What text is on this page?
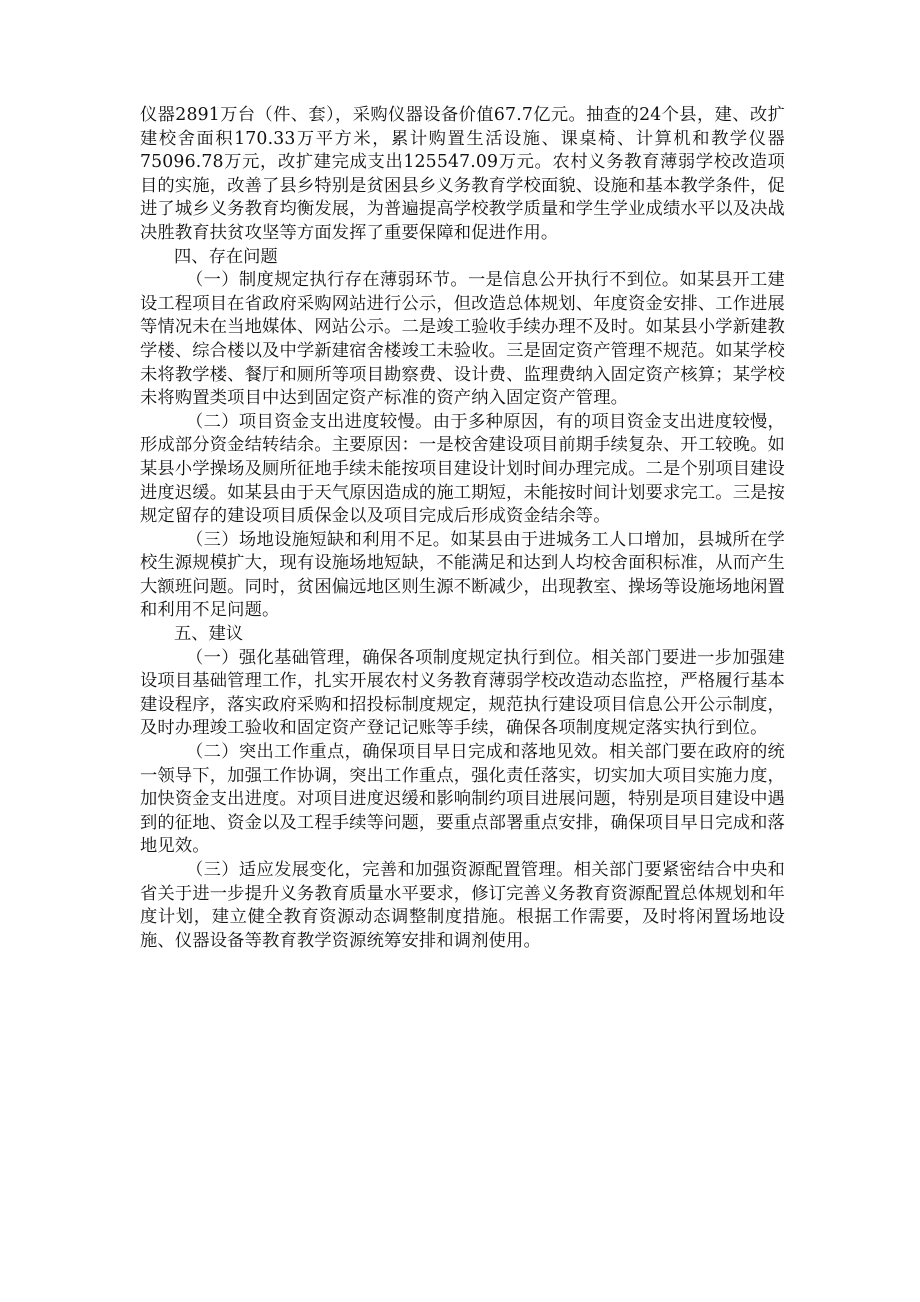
仪器2891万台（件、套），采购仪器设备价值67.7亿元。抽查的24个县，建、改扩建校舍面积170.33万平方米，累计购置生活设施、课桌椅、计算机和教学仪器75096.78万元，改扩建完成支出125547.09万元。农村义务教育薄弱学校改造项目的实施，改善了县乡特别是贫困县乡义务教育学校面貌、设施和基本教学条件，促进了城乡义务教育均衡发展，为普遍提高学校教学质量和学生学业成绩水平以及决战决胜教育扶贫攻坚等方面发挥了重要保障和促进作用。

四、存在问题

（一）制度规定执行存在薄弱环节。一是信息公开执行不到位。如某县开工建设工程项目在省政府采购网站进行公示，但改造总体规划、年度资金安排、工作进展等情况未在当地媒体、网站公示。二是竣工验收手续办理不及时。如某县小学新建教学楼、综合楼以及中学新建宿舍楼竣工未验收。三是固定资产管理不规范。如某学校未将教学楼、餐厅和厕所等项目勘察费、设计费、监理费纳入固定资产核算；某学校未将购置类项目中达到固定资产标准的资产纳入固定资产管理。

（二）项目资金支出进度较慢。由于多种原因，有的项目资金支出进度较慢，形成部分资金结转结余。主要原因：一是校舍建设项目前期手续复杂、开工较晚。如某县小学操场及厕所征地手续未能按项目建设计划时间办理完成。二是个别项目建设进度迟缓。如某县由于天气原因造成的施工期短，未能按时间计划要求完工。三是按规定留存的建设项目质保金以及项目完成后形成资金结余等。

（三）场地设施短缺和利用不足。如某县由于进城务工人口增加，县城所在学校生源规模扩大，现有设施场地短缺，不能满足和达到人均校舍面积标准，从而产生大额班问题。同时，贫困偏远地区则生源不断减少，出现教室、操场等设施场地闲置和利用不足问题。

五、建议

（一）强化基础管理，确保各项制度规定执行到位。相关部门要进一步加强建设项目基础管理工作，扎实开展农村义务教育薄弱学校改造动态监控，严格履行基本建设程序，落实政府采购和招投标制度规定，规范执行建设项目信息公开公示制度，及时办理竣工验收和固定资产登记记账等手续，确保各项制度规定落实执行到位。

（二）突出工作重点，确保项目早日完成和落地见效。相关部门要在政府的统一领导下，加强工作协调，突出工作重点，强化责任落实，切实加大项目实施力度，加快资金支出进度。对项目进度迟缓和影响制约项目进展问题，特别是项目建设中遇到的征地、资金以及工程手续等问题，要重点部署重点安排，确保项目早日完成和落地见效。

（三）适应发展变化，完善和加强资源配置管理。相关部门要紧密结合中央和省关于进一步提升义务教育质量水平要求，修订完善义务教育资源配置总体规划和年度计划，建立健全教育资源动态调整制度措施。根据工作需要，及时将闲置场地设施、仪器设备等教育教学资源统筹安排和调剂使用。
